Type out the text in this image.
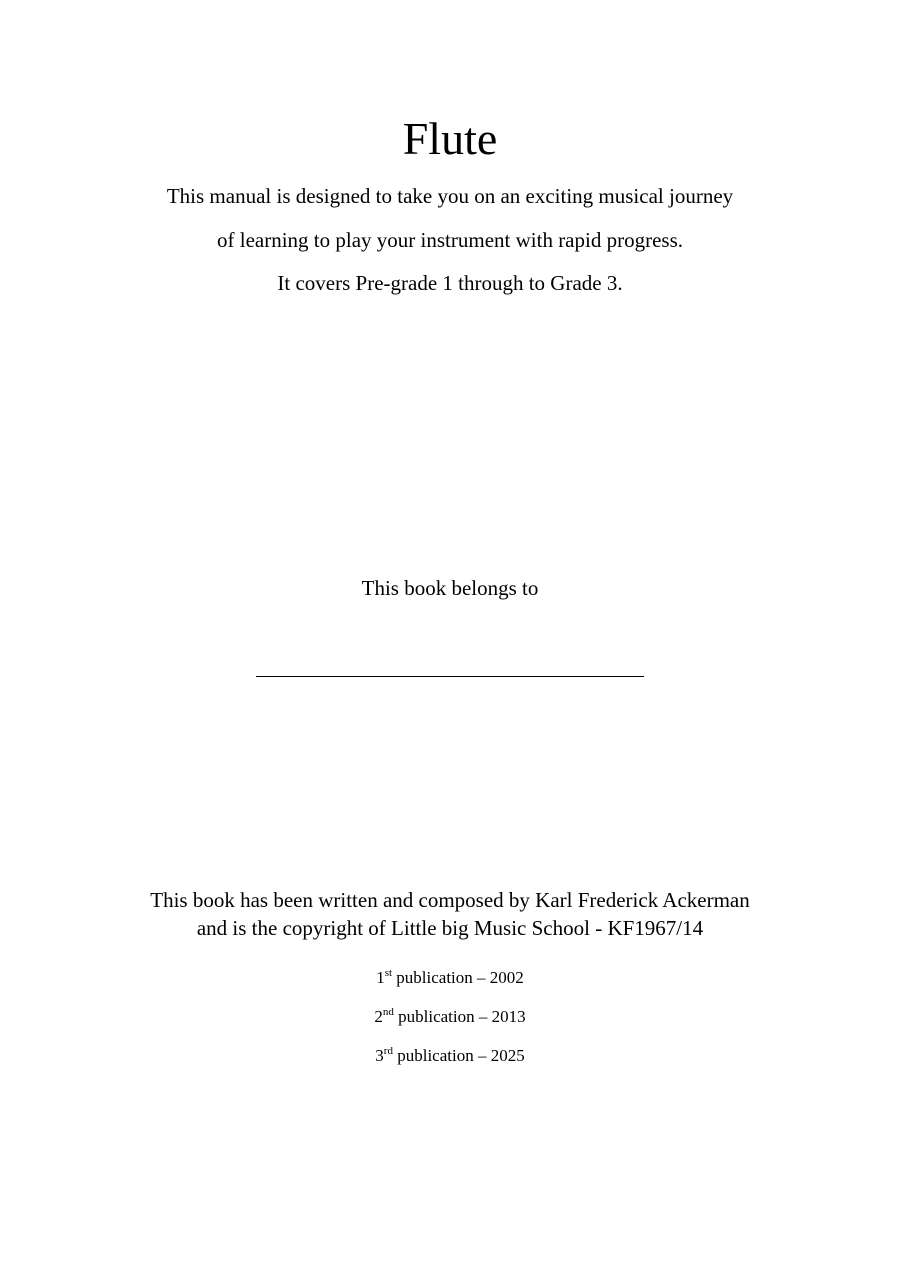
Flute

This manual is designed to take you on an exciting musical journey

of learning to play your instrument with rapid progress.

It covers Pre-grade 1 through to Grade 3.

This book belongs to

This book has been written and composed by Karl Frederick Ackerman

and is the copyright of Little big Music School - KF1967/14

1st publication – 2002

2nd publication – 2013

3rd publication – 2025
